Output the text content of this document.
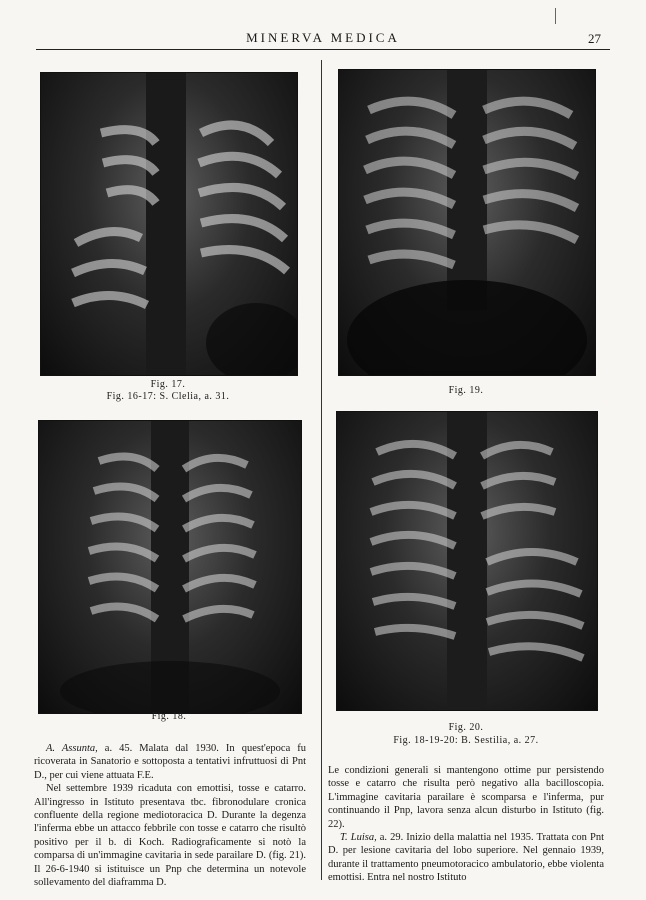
MINERVA MEDICA	27
Fig. 17.
Fig. 16-17: S. Clelia, a. 31.
Fig. 18.
Fig. 19.
Fig. 20.
Fig. 18-19-20: B. Sestilia, a. 27.

A. Assunta, a. 45. Malata dal 1930. In quest'epoca fu ricoverata in Sanatorio e sottoposta a tentativi infruttuosi di Pnt D., per cui viene attuata F.E.

Nel settembre 1939 ricaduta con emottisi, tosse e catarro. All'ingresso in Istituto presentava tbc. fibronodulare cronica confluente della regione mediotoracica D. Durante la degenza l'inferma ebbe un attacco febbrile con tosse e catarro che risultò positivo per il b. di Koch. Radiograficamente si notò la comparsa di un'immagine cavitaria in sede parailare D. (fig. 21). Il 26-6-1940 si istituisce un Pnp che determina un notevole sollevamento del diaframma D.

Le condizioni generali si mantengono ottime pur persistendo tosse e catarro che risulta però negativo alla bacilloscopia. L'immagine cavitaria parailare è scomparsa e l'inferma, pur continuando il Pnp, lavora senza alcun disturbo in Istituto (fig. 22).

T. Luisa, a. 29. Inizio della malattia nel 1935. Trattata con Pnt D. per lesione cavitaria del lobo superiore. Nel gennaio 1939, durante il trattamento pneumotoracico ambulatorio, ebbe violenta emottisi. Entra nel nostro Istituto
